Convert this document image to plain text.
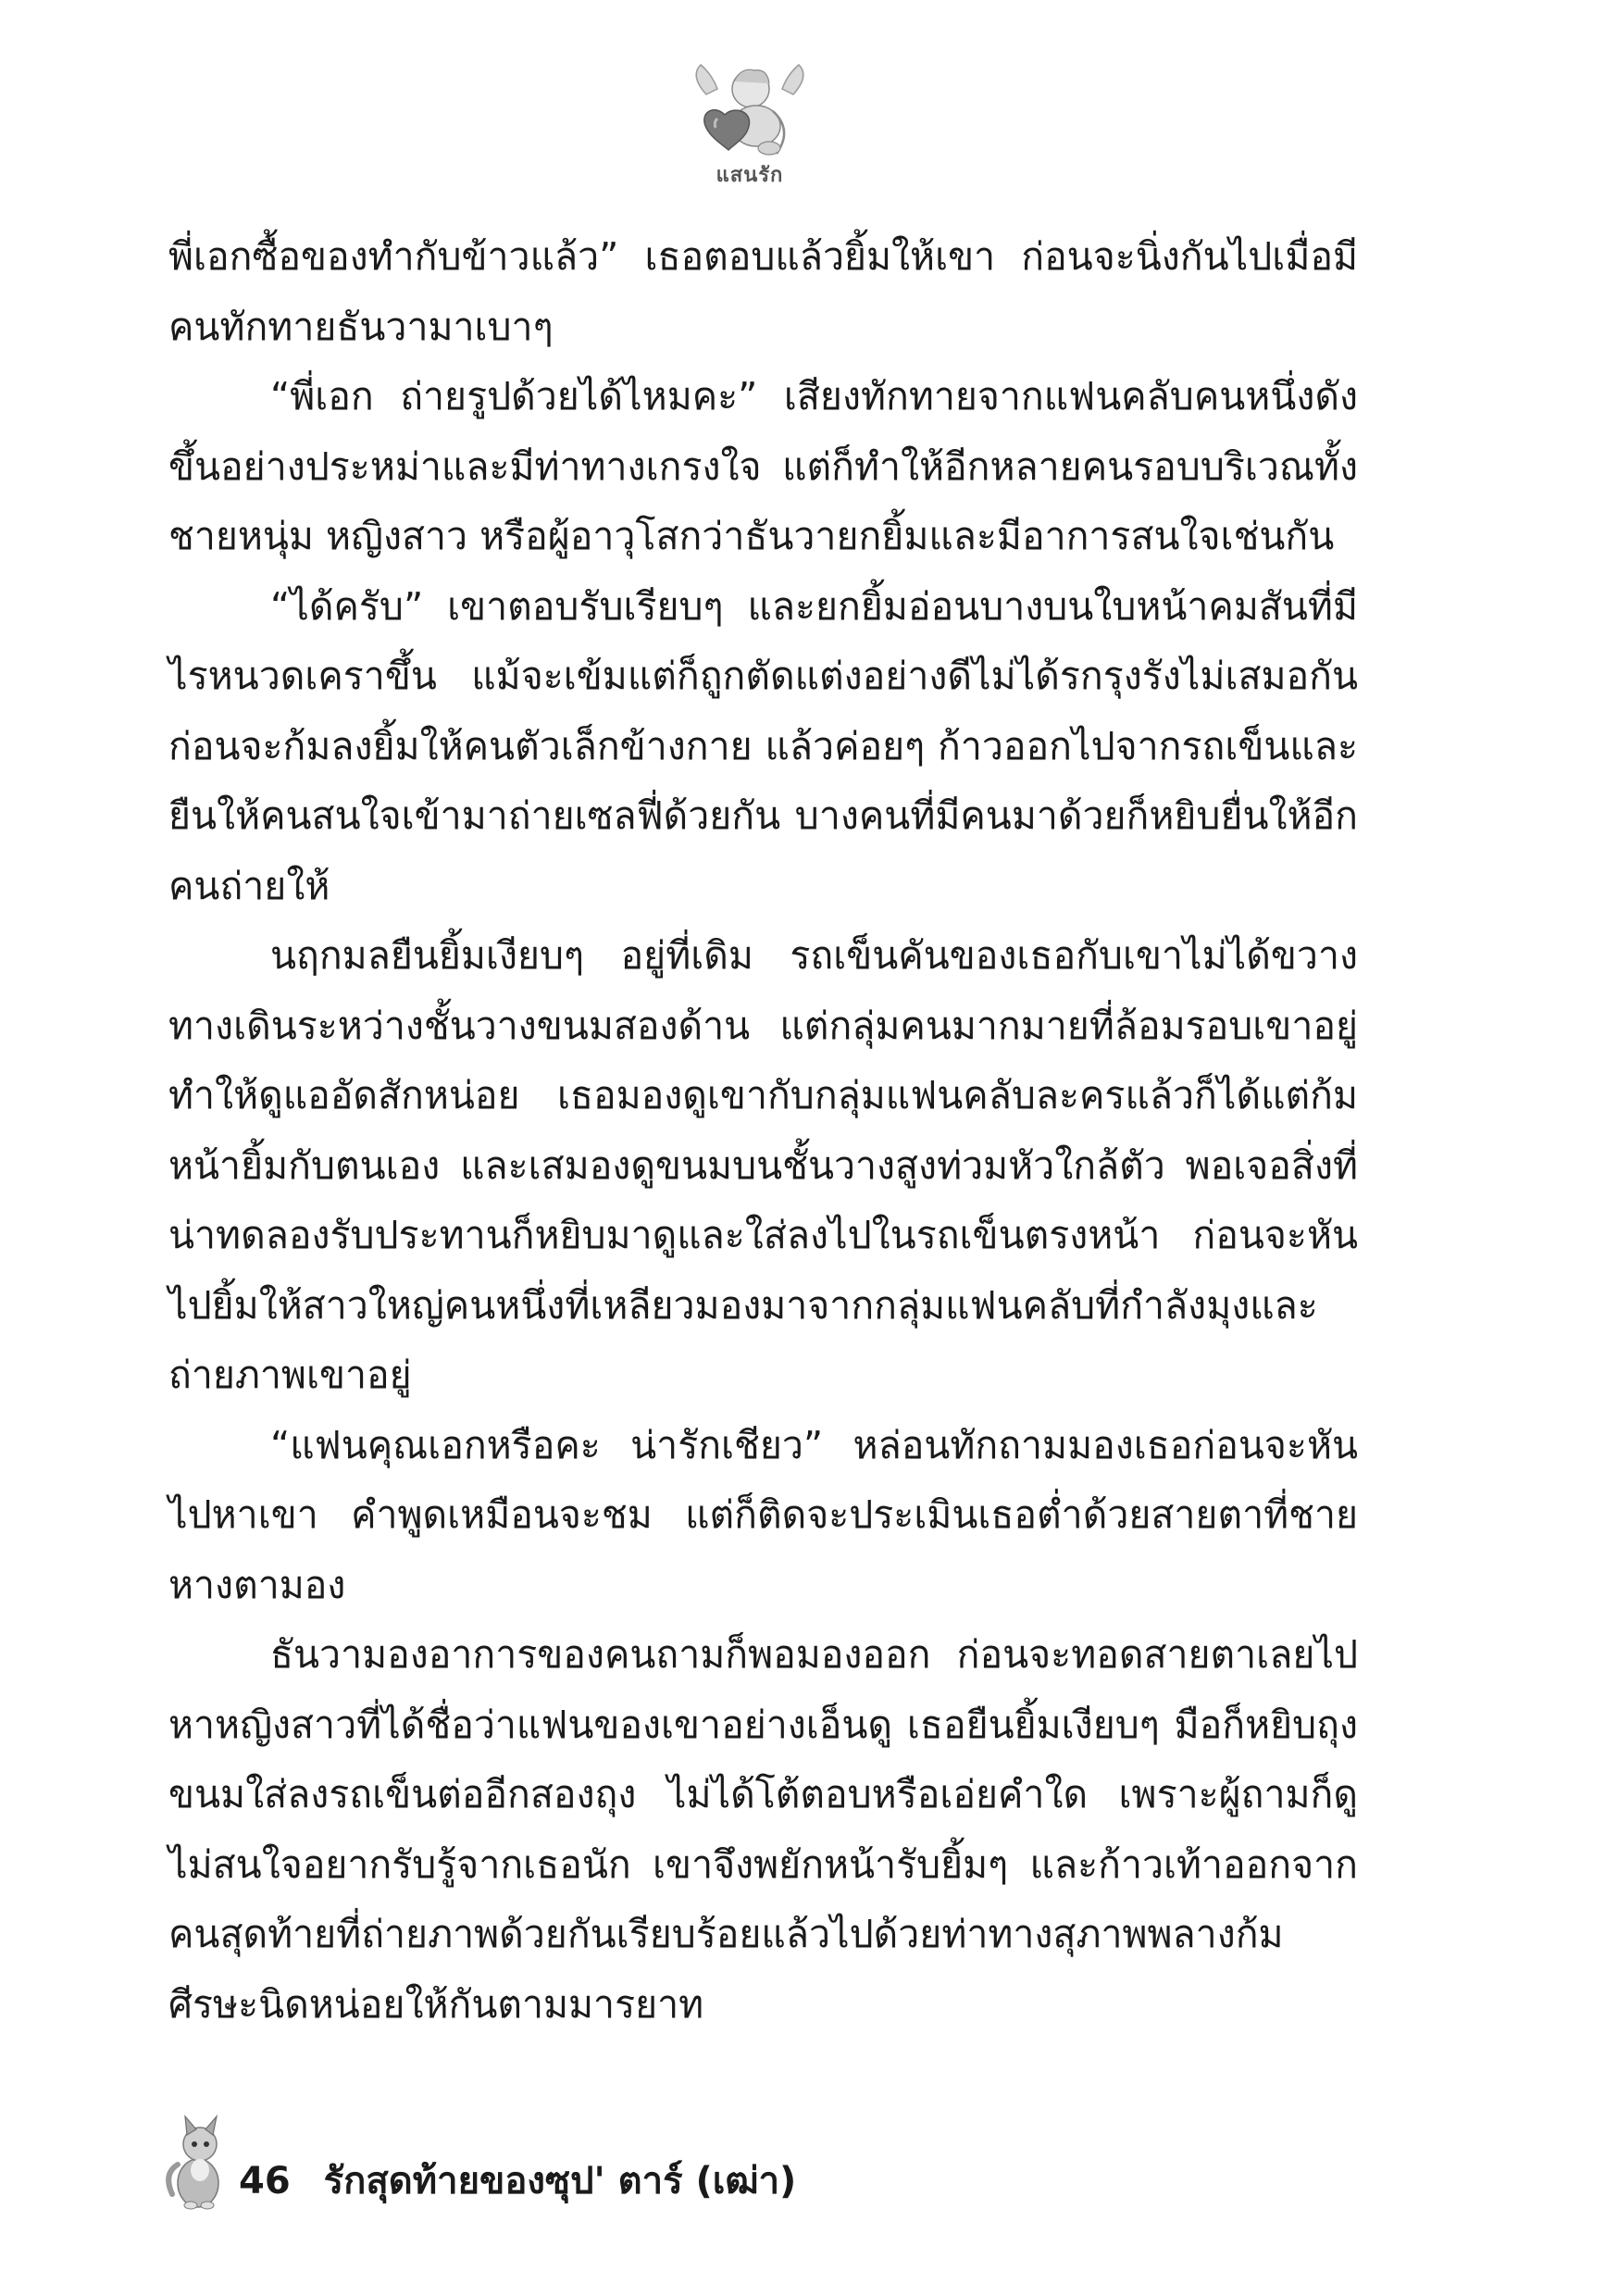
แสนรัก

พี่เอกซื้อของทำกับข้าวแล้ว” เธอตอบแล้วยิ้มให้เขา ก่อนจะนิ่งกันไปเมื่อมีคนทักทายธันวามาเบาๆ

“พี่เอก ถ่ายรูปด้วยได้ไหมคะ” เสียงทักทายจากแฟนคลับคนหนึ่งดังขึ้นอย่างประหม่าและมีท่าทางเกรงใจ แต่ก็ทำให้อีกหลายคนรอบบริเวณทั้งชายหนุ่ม หญิงสาว หรือผู้อาวุโสกว่าธันวายกยิ้มและมีอาการสนใจเช่นกัน

“ได้ครับ” เขาตอบรับเรียบๆ และยกยิ้มอ่อนบางบนใบหน้าคมสันที่มีไรหนวดเคราขึ้น แม้จะเข้มแต่ก็ถูกตัดแต่งอย่างดีไม่ได้รกรุงรังไม่เสมอกันก่อนจะก้มลงยิ้มให้คนตัวเล็กข้างกาย แล้วค่อยๆ ก้าวออกไปจากรถเข็นและยืนให้คนสนใจเข้ามาถ่ายเซลฟี่ด้วยกัน บางคนที่มีคนมาด้วยก็หยิบยื่นให้อีกคนถ่ายให้

นฤกมลยืนยิ้มเงียบๆ อยู่ที่เดิม รถเข็นคันของเธอกับเขาไม่ได้ขวางทางเดินระหว่างชั้นวางขนมสองด้าน แต่กลุ่มคนมากมายที่ล้อมรอบเขาอยู่ทำให้ดูแออัดสักหน่อย เธอมองดูเขากับกลุ่มแฟนคลับละครแล้วก็ได้แต่ก้มหน้ายิ้มกับตนเอง และเสมองดูขนมบนชั้นวางสูงท่วมหัวใกล้ตัว พอเจอสิ่งที่น่าทดลองรับประทานก็หยิบมาดูและใส่ลงไปในรถเข็นตรงหน้า ก่อนจะหันไปยิ้มให้สาวใหญ่คนหนึ่งที่เหลียวมองมาจากกลุ่มแฟนคลับที่กำลังมุงและถ่ายภาพเขาอยู่

“แฟนคุณเอกหรือคะ น่ารักเชียว” หล่อนทักถามมองเธอก่อนจะหันไปหาเขา คำพูดเหมือนจะชม แต่ก็ติดจะประเมินเธอต่ำด้วยสายตาที่ชายหางตามอง

ธันวามองอาการของคนถามก็พอมองออก ก่อนจะทอดสายตาเลยไปหาหญิงสาวที่ได้ชื่อว่าแฟนของเขาอย่างเอ็นดู เธอยืนยิ้มเงียบๆ มือก็หยิบถุงขนมใส่ลงรถเข็นต่ออีกสองถุง ไม่ได้โต้ตอบหรือเอ่ยคำใด เพราะผู้ถามก็ดูไม่สนใจอยากรับรู้จากเธอนัก เขาจึงพยักหน้ารับยิ้มๆ และก้าวเท้าออกจากคนสุดท้ายที่ถ่ายภาพด้วยกันเรียบร้อยแล้วไปด้วยท่าทางสุภาพพลางก้มศีรษะนิดหน่อยให้กันตามมารยาท

46 รักสุดท้ายของซุป' ตาร์ (เฒ่า)
